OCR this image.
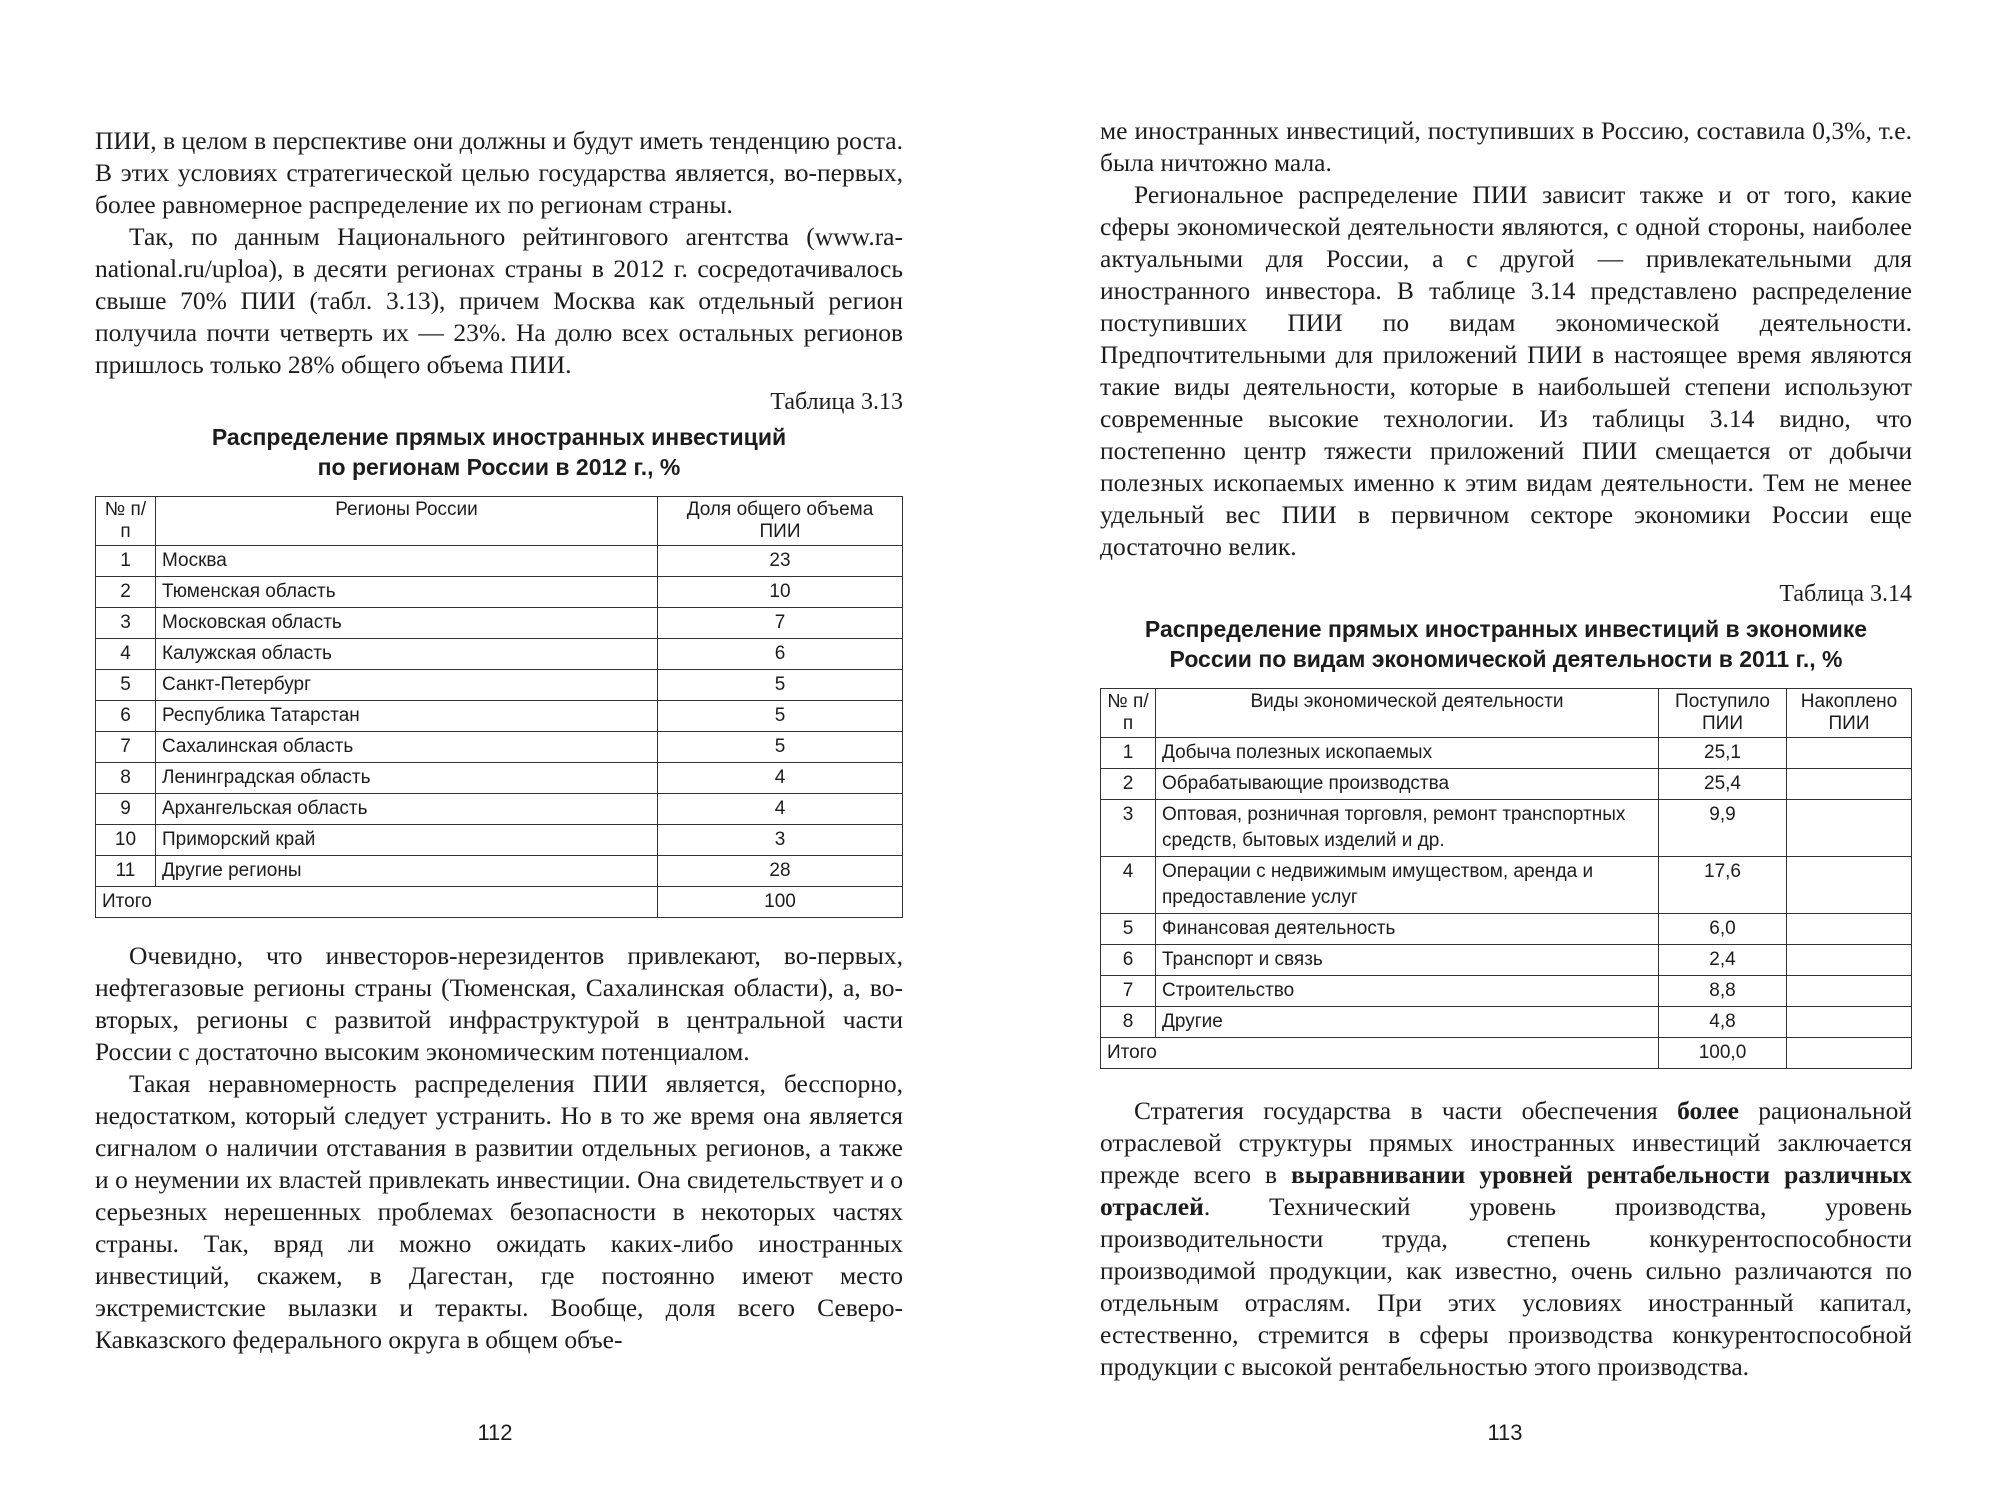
ПИИ, в целом в перспективе они должны и будут иметь тенденцию роста. В этих условиях стратегической целью государства является, во-первых, более равномерное распределение их по регионам страны.

Так, по данным Национального рейтингового агентства (www.ra-national.ru/uploa), в десяти регионах страны в 2012 г. сосредотачивалось свыше 70% ПИИ (табл. 3.13), причем Москва как отдельный регион получила почти четверть их — 23%. На долю всех остальных регионов пришлось только 28% общего объема ПИИ.

Таблица 3.13
Распределение прямых иностранных инвестиций
по регионам России в 2012 г., %
№ п/п	Регионы России	Доля общего объема ПИИ
1	Москва	23
2	Тюменская область	10
3	Московская область	7
4	Калужская область	6
5	Санкт-Петербург	5
6	Республика Татарстан	5
7	Сахалинская область	5
8	Ленинградская область	4
9	Архангельская область	4
10	Приморский край	3
11	Другие регионы	28
Итого		100

Очевидно, что инвесторов-нерезидентов привлекают, во-первых, нефтегазовые регионы страны (Тюменская, Сахалинская области), а, во-вторых, регионы с развитой инфраструктурой в центральной части России с достаточно высоким экономическим потенциалом.

Такая неравномерность распределения ПИИ является, бесспорно, недостатком, который следует устранить. Но в то же время она является сигналом о наличии отставания в развитии отдельных регионов, а также и о неумении их властей привлекать инвестиции. Она свидетельствует и о серьезных нерешенных проблемах безопасности в некоторых частях страны. Так, вряд ли можно ожидать каких-либо иностранных инвестиций, скажем, в Дагестан, где постоянно имеют место экстремистские вылазки и теракты. Вообще, доля всего Северо-Кавказского федерального округа в общем объе-

112

ме иностранных инвестиций, поступивших в Россию, составила 0,3%, т.е. была ничтожно мала.

Региональное распределение ПИИ зависит также и от того, какие сферы экономической деятельности являются, с одной стороны, наиболее актуальными для России, а с другой — привлекательными для иностранного инвестора. В таблице 3.14 представлено распределение поступивших ПИИ по видам экономической деятельности. Предпочтительными для приложений ПИИ в настоящее время являются такие виды деятельности, которые в наибольшей степени используют современные высокие технологии. Из таблицы 3.14 видно, что постепенно центр тяжести приложений ПИИ смещается от добычи полезных ископаемых именно к этим видам деятельности. Тем не менее удельный вес ПИИ в первичном секторе экономики России еще достаточно велик.

Таблица 3.14
Распределение прямых иностранных инвестиций в экономике
России по видам экономической деятельности в 2011 г., %
№ п/п	Виды экономической деятельности	Поступило ПИИ	Накоплено ПИИ
1	Добыча полезных ископаемых	25,1	
2	Обрабатывающие производства	25,4	
3	Оптовая, розничная торговля, ремонт транспортных средств, бытовых изделий и др.	9,9	
4	Операции с недвижимым имуществом, аренда и предоставление услуг	17,6	
5	Финансовая деятельность	6,0	
6	Транспорт и связь	2,4	
7	Строительство	8,8	
8	Другие	4,8	
Итого		100,0	

Стратегия государства в части обеспечения более рациональной отраслевой структуры прямых иностранных инвестиций заключается прежде всего в выравнивании уровней рентабельности различных отраслей. Технический уровень производства, уровень производительности труда, степень конкурентоспособности производимой продукции, как известно, очень сильно различаются по отдельным отраслям. При этих условиях иностранный капитал, естественно, стремится в сферы производства конкурентоспособной продукции с высокой рентабельностью этого производства.

113
